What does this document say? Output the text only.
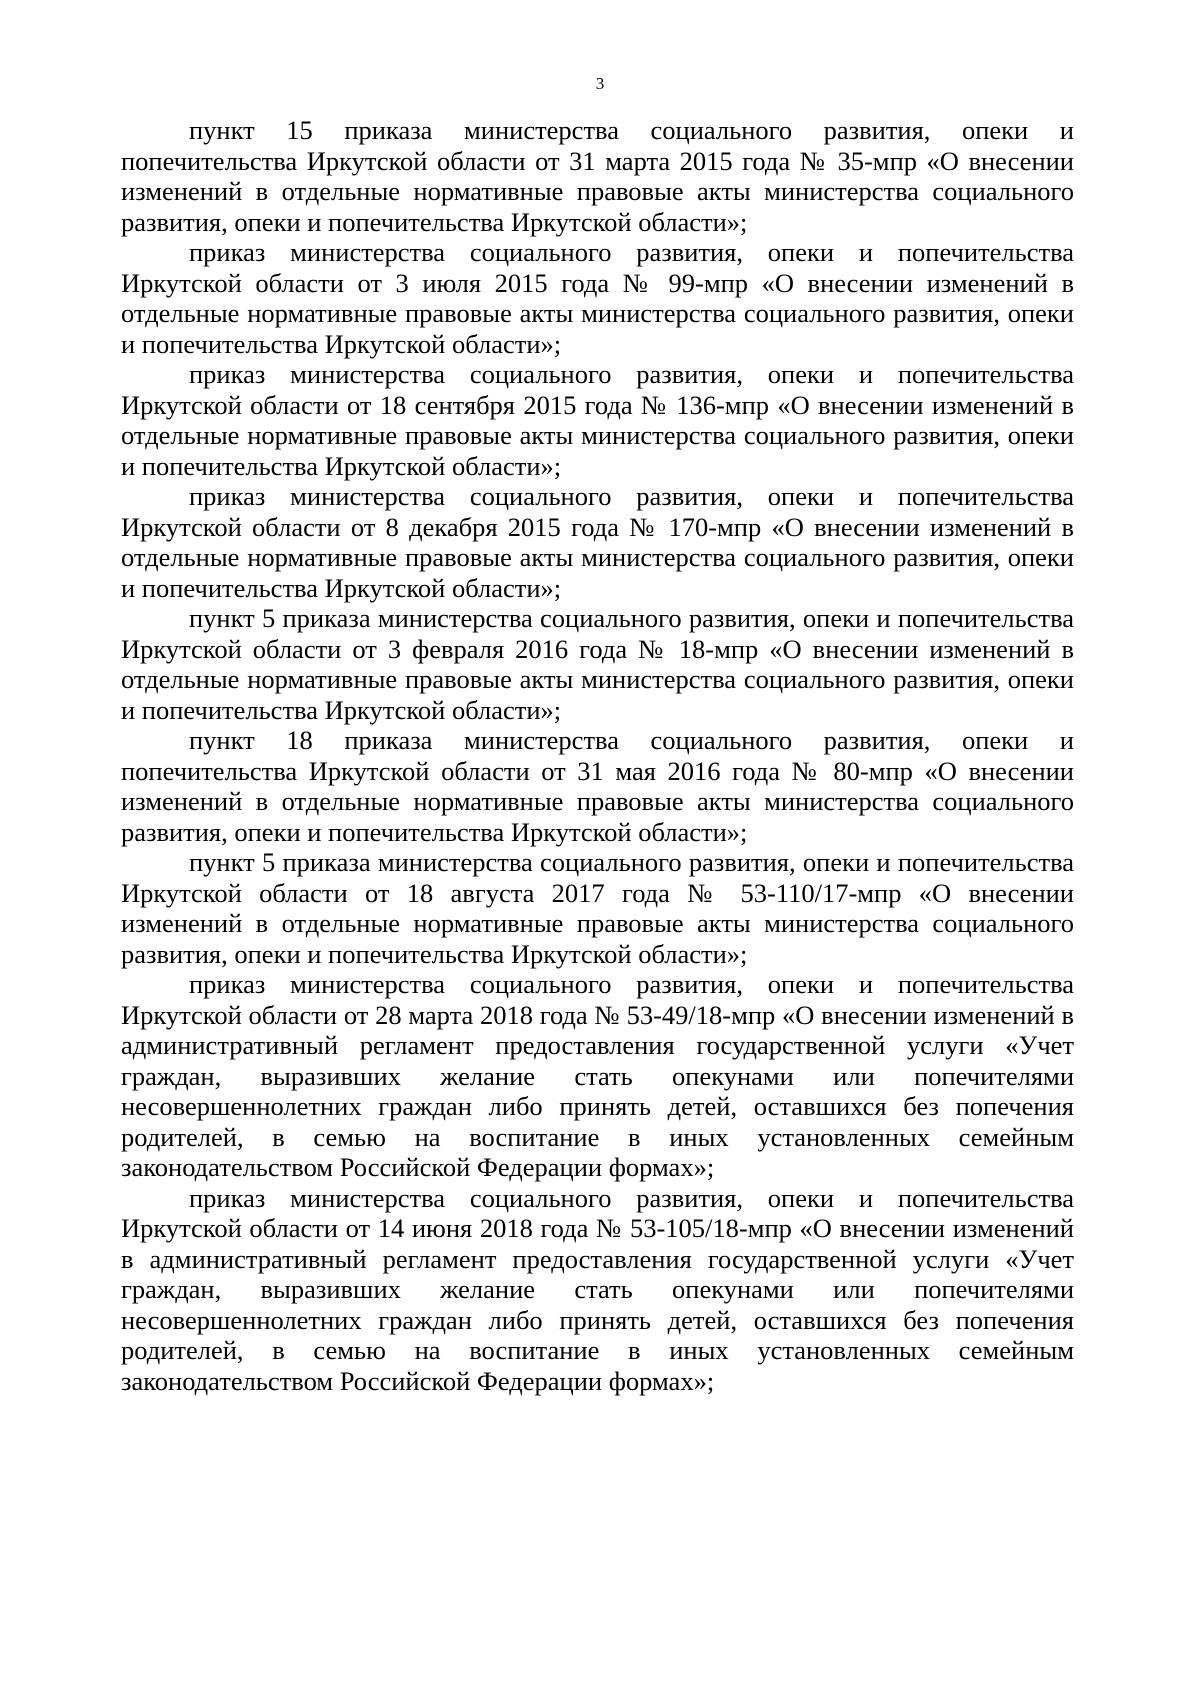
3

пункт 15 приказа министерства социального развития, опеки и попечительства Иркутской области от 31 марта 2015 года № 35-мпр «О внесении изменений в отдельные нормативные правовые акты министерства социального развития, опеки и попечительства Иркутской области»;

приказ министерства социального развития, опеки и попечительства Иркутской области от 3 июля 2015 года № 99-мпр «О внесении изменений в отдельные нормативные правовые акты министерства социального развития, опеки и попечительства Иркутской области»;

приказ министерства социального развития, опеки и попечительства Иркутской области от 18 сентября 2015 года № 136-мпр «О внесении изменений в отдельные нормативные правовые акты министерства социального развития, опеки и попечительства Иркутской области»;

приказ министерства социального развития, опеки и попечительства Иркутской области от 8 декабря 2015 года № 170-мпр «О внесении изменений в отдельные нормативные правовые акты министерства социального развития, опеки и попечительства Иркутской области»;

пункт 5 приказа министерства социального развития, опеки и попечительства Иркутской области от 3 февраля 2016 года № 18-мпр «О внесении изменений в отдельные нормативные правовые акты министерства социального развития, опеки и попечительства Иркутской области»;

пункт 18 приказа министерства социального развития, опеки и попечительства Иркутской области от 31 мая 2016 года № 80-мпр «О внесении изменений в отдельные нормативные правовые акты министерства социального развития, опеки и попечительства Иркутской области»;

пункт 5 приказа министерства социального развития, опеки и попечительства Иркутской области от 18 августа 2017 года № 53-110/17-мпр «О внесении изменений в отдельные нормативные правовые акты министерства социального развития, опеки и попечительства Иркутской области»;

приказ министерства социального развития, опеки и попечительства Иркутской области от 28 марта 2018 года № 53-49/18-мпр «О внесении изменений в административный регламент предоставления государственной услуги «Учет граждан, выразивших желание стать опекунами или попечителями несовершеннолетних граждан либо принять детей, оставшихся без попечения родителей, в семью на воспитание в иных установленных семейным законодательством Российской Федерации формах»;

приказ министерства социального развития, опеки и попечительства Иркутской области от 14 июня 2018 года № 53-105/18-мпр «О внесении изменений в административный регламент предоставления государственной услуги «Учет граждан, выразивших желание стать опекунами или попечителями несовершеннолетних граждан либо принять детей, оставшихся без попечения родителей, в семью на воспитание в иных установленных семейным законодательством Российской Федерации формах»;
